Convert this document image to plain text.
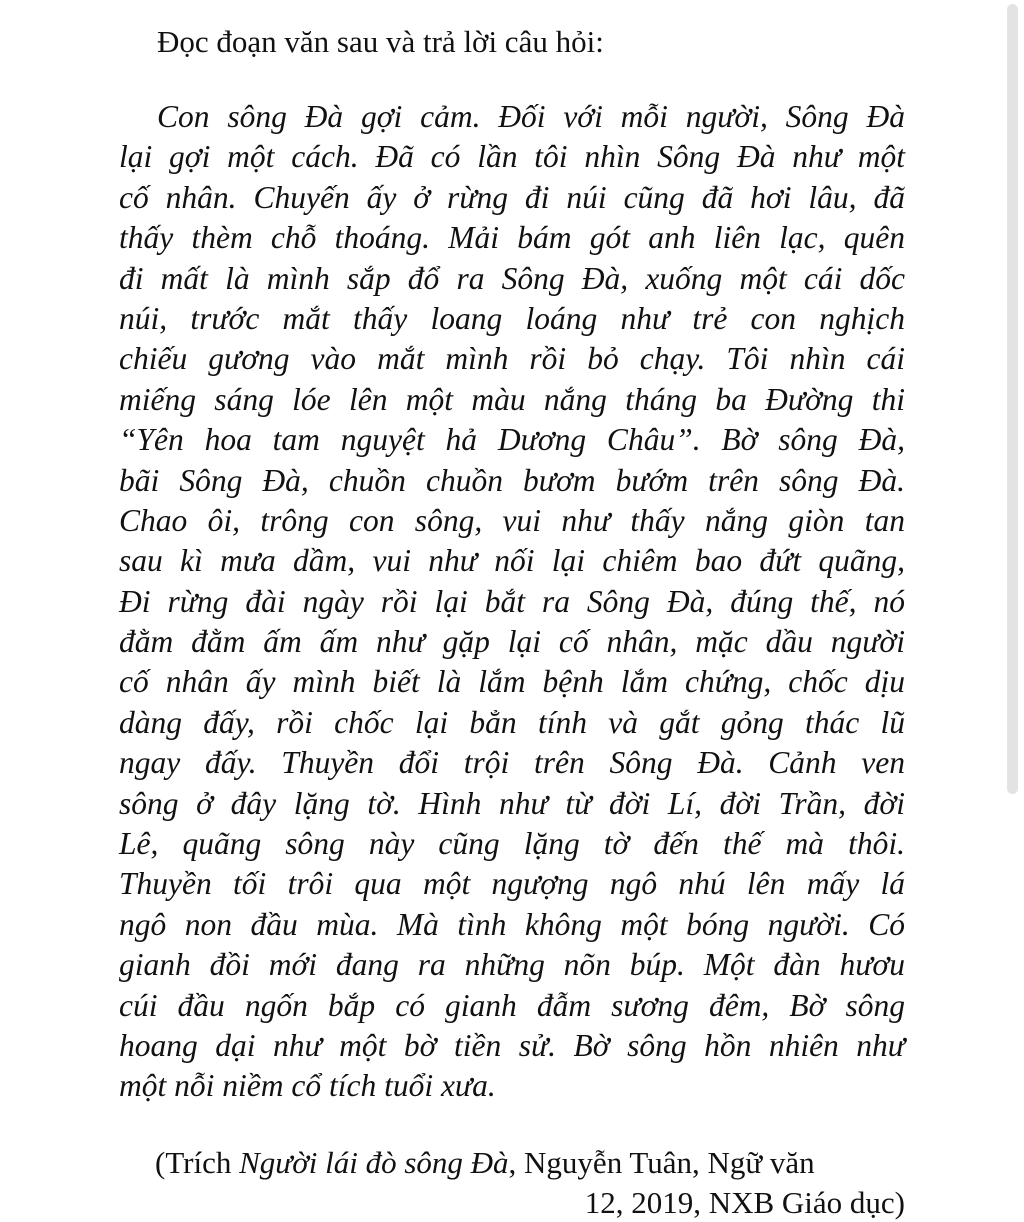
Đọc đoạn văn sau và trả lời câu hỏi:
Con sông Đà gợi cảm. Đối với mỗi người, Sông Đà
lại gợi một cách. Đã có lần tôi nhìn Sông Đà như một
cố nhân. Chuyến ấy ở rừng đi núi cũng đã hơi lâu, đã
thấy thèm chỗ thoáng. Mải bám gót anh liên lạc, quên
đi mất là mình sắp đổ ra Sông Đà, xuống một cái dốc
núi, trước mắt thấy loang loáng như trẻ con nghịch
chiếu gương vào mắt mình rồi bỏ chạy. Tôi nhìn cái
miếng sáng lóe lên một màu nắng tháng ba Đường thi
“Yên hoa tam nguyệt hả Dương Châu”. Bờ sông Đà,
bãi Sông Đà, chuồn chuồn bươm bướm trên sông Đà.
Chao ôi, trông con sông, vui như thấy nắng giòn tan
sau kì mưa dầm, vui như nối lại chiêm bao đứt quãng,
Đi rừng đài ngày rồi lại bắt ra Sông Đà, đúng thế, nó
đằm đằm ấm ấm như gặp lại cố nhân, mặc dầu người
cố nhân ấy mình biết là lắm bệnh lắm chứng, chốc dịu
dàng đấy, rồi chốc lại bẳn tính và gắt gỏng thác lũ
ngay đấy. Thuyền đổi trội trên Sông Đà. Cảnh ven
sông ở đây lặng tờ. Hình như từ đời Lí, đời Trần, đời
Lê, quãng sông này cũng lặng tờ đến thế mà thôi.
Thuyền tối trôi qua một ngượng ngô nhú lên mấy lá
ngô non đầu mùa. Mà tình không một bóng người. Có
gianh đồi mới đang ra những nõn búp. Một đàn hươu
cúi đầu ngốn bắp có gianh đẫm sương đêm, Bờ sông
hoang dại như một bờ tiền sử. Bờ sông hồn nhiên như
một nỗi niềm cổ tích tuổi xưa.
(Trích Người lái đò sông Đà, Nguyễn Tuân, Ngữ văn
12, 2019, NXB Giáo dục)
